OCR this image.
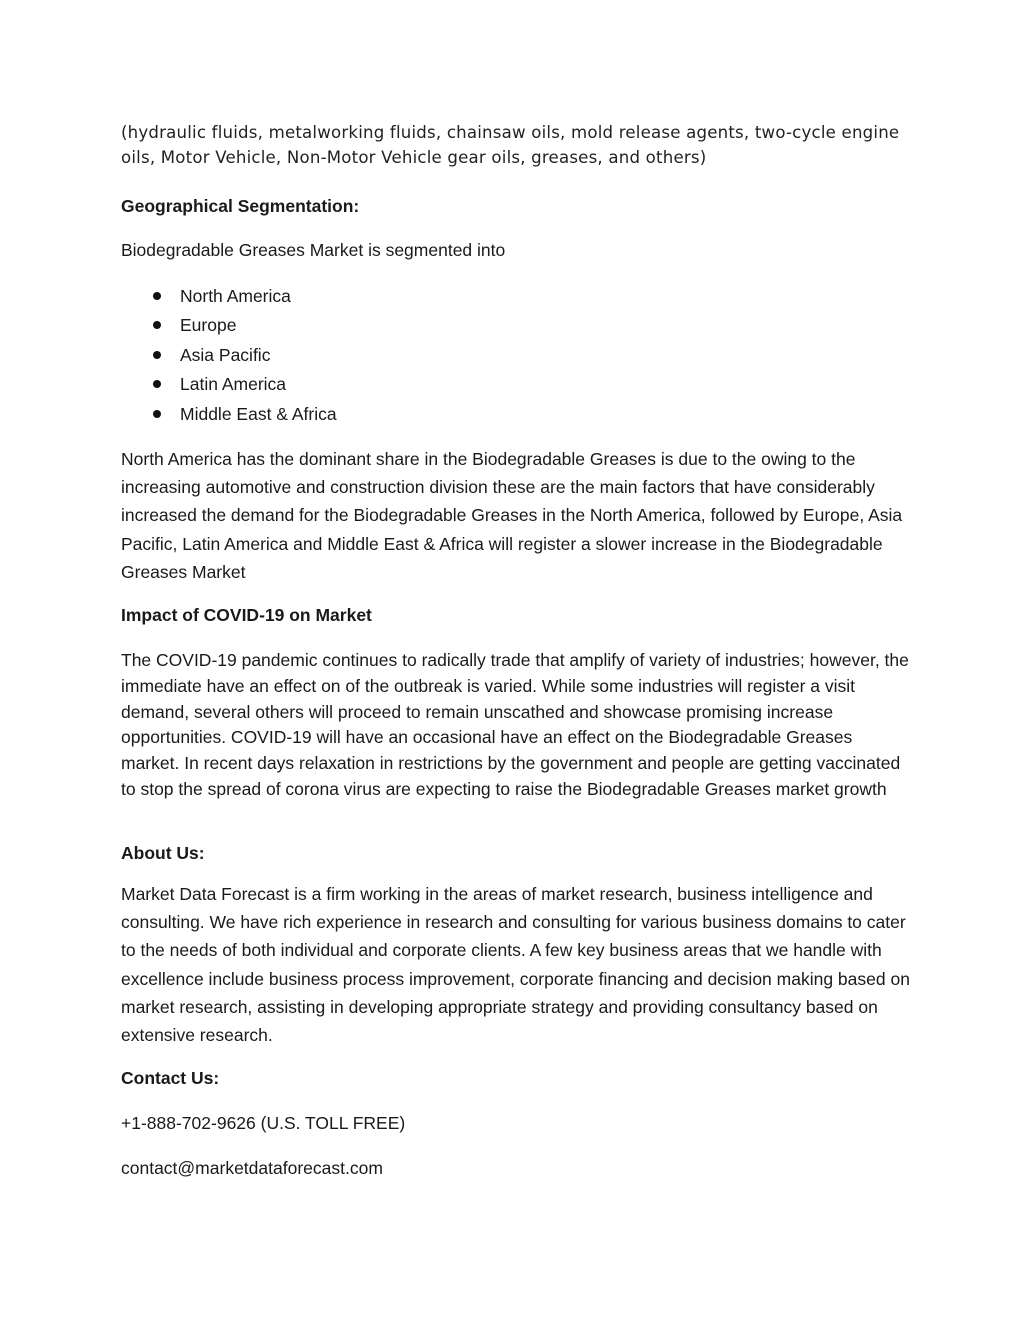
(hydraulic fluids, metalworking fluids, chainsaw oils, mold release agents, two-cycle engine oils, Motor Vehicle, Non-Motor Vehicle gear oils, greases, and others)

Geographical Segmentation:

Biodegradable Greases Market is segmented into

North America
Europe
Asia Pacific
Latin America
Middle East & Africa

North America has the dominant share in the Biodegradable Greases is due to the owing to the increasing automotive and construction division these are the main factors that have considerably increased the demand for the Biodegradable Greases in the North America, followed by Europe, Asia Pacific, Latin America and Middle East & Africa will register a slower increase in the Biodegradable Greases Market

Impact of COVID-19 on Market

The COVID-19 pandemic continues to radically trade that amplify of variety of industries; however, the immediate have an effect on of the outbreak is varied. While some industries will register a visit demand, several others will proceed to remain unscathed and showcase promising increase opportunities. COVID-19 will have an occasional have an effect on the Biodegradable Greases market. In recent days relaxation in restrictions by the government and people are getting vaccinated to stop the spread of corona virus are expecting to raise the Biodegradable Greases market growth

About Us:

Market Data Forecast is a firm working in the areas of market research, business intelligence and consulting. We have rich experience in research and consulting for various business domains to cater to the needs of both individual and corporate clients. A few key business areas that we handle with excellence include business process improvement, corporate financing and decision making based on market research, assisting in developing appropriate strategy and providing consultancy based on extensive research.

Contact Us:

+1-888-702-9626 (U.S. TOLL FREE)

contact@marketdataforecast.com
